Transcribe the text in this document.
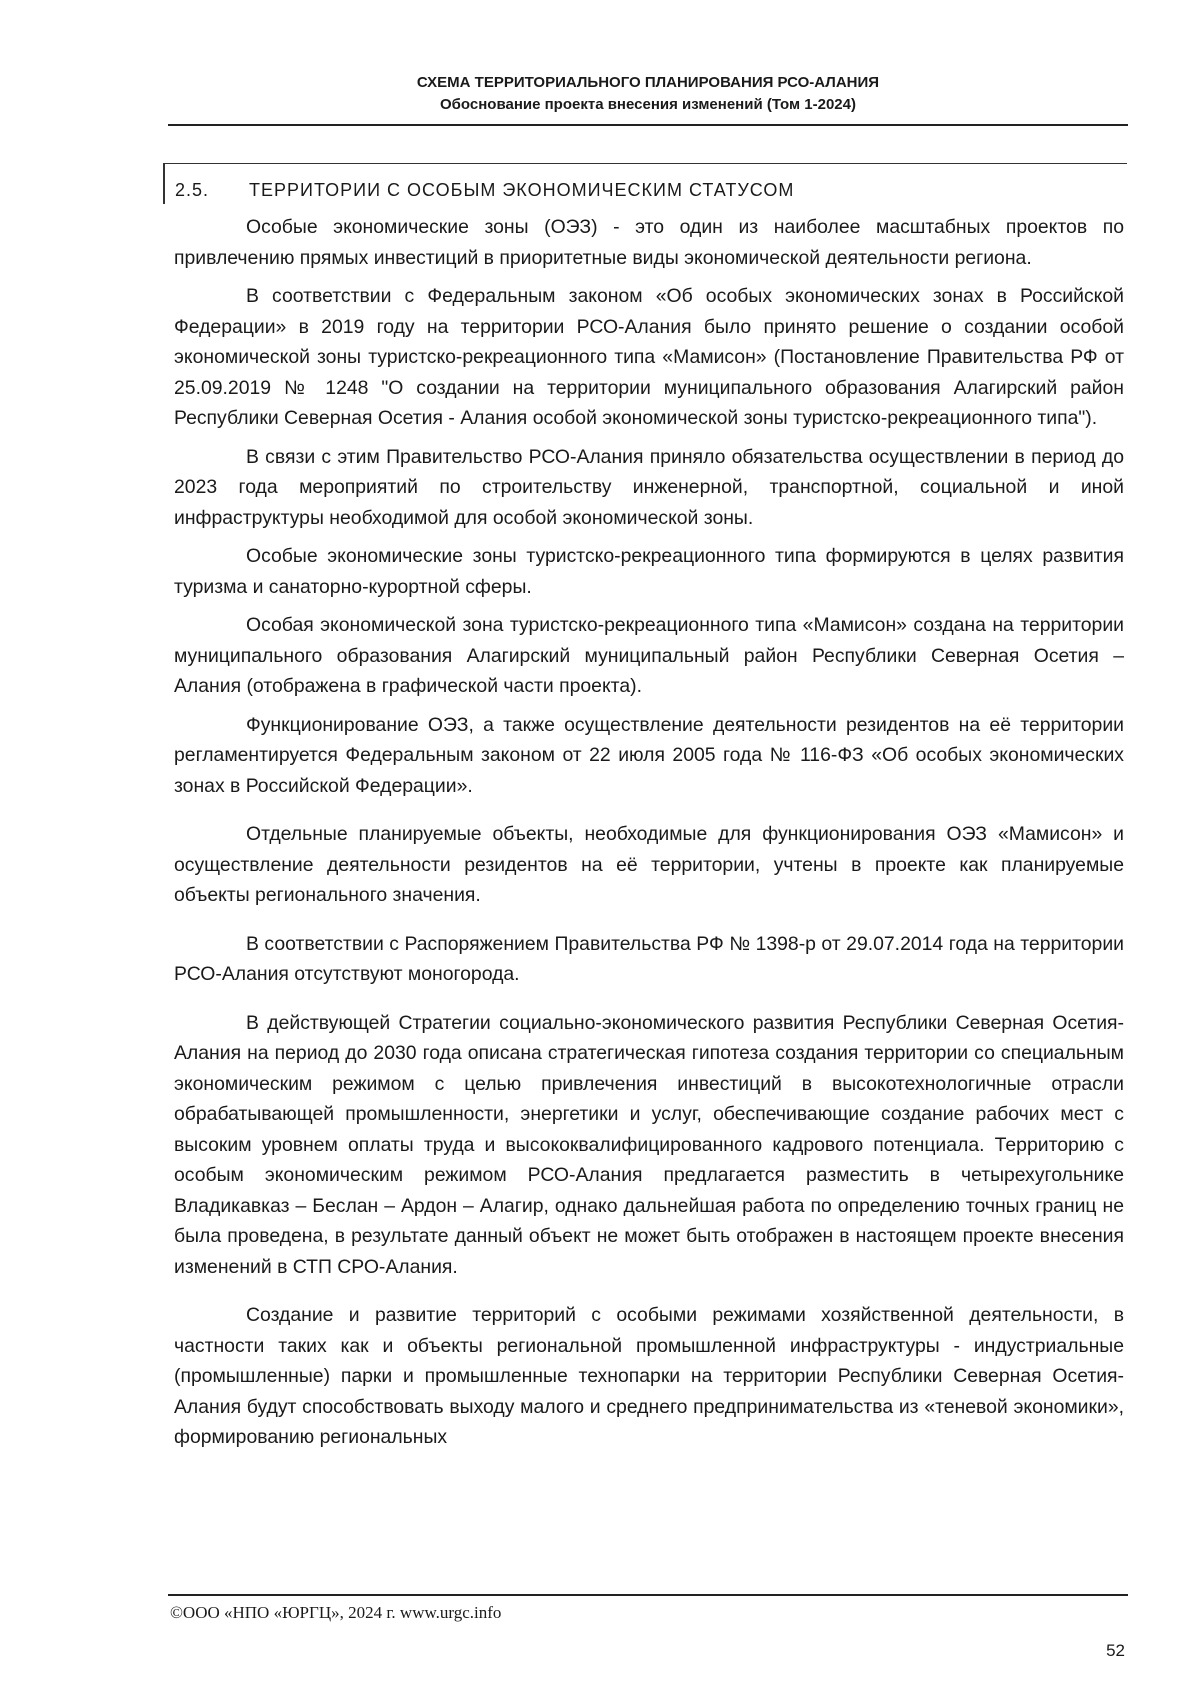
СХЕМА ТЕРРИТОРИАЛЬНОГО ПЛАНИРОВАНИЯ РСО-АЛАНИЯ
Обоснование проекта внесения изменений (Том 1-2024)
2.5. ТЕРРИТОРИИ С ОСОБЫМ ЭКОНОМИЧЕСКИМ СТАТУСОМ

Особые экономические зоны (ОЭЗ) - это один из наиболее масштабных проектов по привлечению прямых инвестиций в приоритетные виды экономической деятельности региона.

В соответствии с Федеральным законом «Об особых экономических зонах в Российской Федерации» в 2019 году на территории РСО-Алания было принято решение о создании особой экономической зоны туристско-рекреационного типа «Мамисон» (Постановление Правительства РФ от 25.09.2019 № 1248 "О создании на территории муниципального образования Алагирский район Республики Северная Осетия - Алания особой экономической зоны туристско-рекреационного типа").

В связи с этим Правительство РСО-Алания приняло обязательства осуществлении в период до 2023 года мероприятий по строительству инженерной, транспортной, социальной и иной инфраструктуры необходимой для особой экономической зоны.

Особые экономические зоны туристско-рекреационного типа формируются в целях развития туризма и санаторно-курортной сферы.

Особая экономической зона туристско-рекреационного типа «Мамисон» создана на территории муниципального образования Алагирский муниципальный район Республики Северная Осетия – Алания (отображена в графической части проекта).

Функционирование ОЭЗ, а также осуществление деятельности резидентов на её территории регламентируется Федеральным законом от 22 июля 2005 года № 116-ФЗ «Об особых экономических зонах в Российской Федерации».

Отдельные планируемые объекты, необходимые для функционирования ОЭЗ «Мамисон» и осуществление деятельности резидентов на её территории, учтены в проекте как планируемые объекты регионального значения.

В соответствии с Распоряжением Правительства РФ № 1398-р от 29.07.2014 года на территории РСО-Алания отсутствуют моногорода.

В действующей Стратегии социально-экономического развития Республики Северная Осетия-Алания на период до 2030 года описана стратегическая гипотеза создания территории со специальным экономическим режимом с целью привлечения инвестиций в высокотехнологичные отрасли обрабатывающей промышленности, энергетики и услуг, обеспечивающие создание рабочих мест с высоким уровнем оплаты труда и высококвалифицированного кадрового потенциала. Территорию с особым экономическим режимом РСО-Алания предлагается разместить в четырехугольнике Владикавказ – Беслан – Ардон – Алагир, однако дальнейшая работа по определению точных границ не была проведена, в результате данный объект не может быть отображен в настоящем проекте внесения изменений в СТП СРО-Алания.

Создание и развитие территорий с особыми режимами хозяйственной деятельности, в частности таких как и объекты региональной промышленной инфраструктуры - индустриальные (промышленные) парки и промышленные технопарки на территории Республики Северная Осетия-Алания будут способствовать выходу малого и среднего предпринимательства из «теневой экономики», формированию региональных

©ООО «НПО «ЮРГЦ», 2024 г. www.urgc.info
52
